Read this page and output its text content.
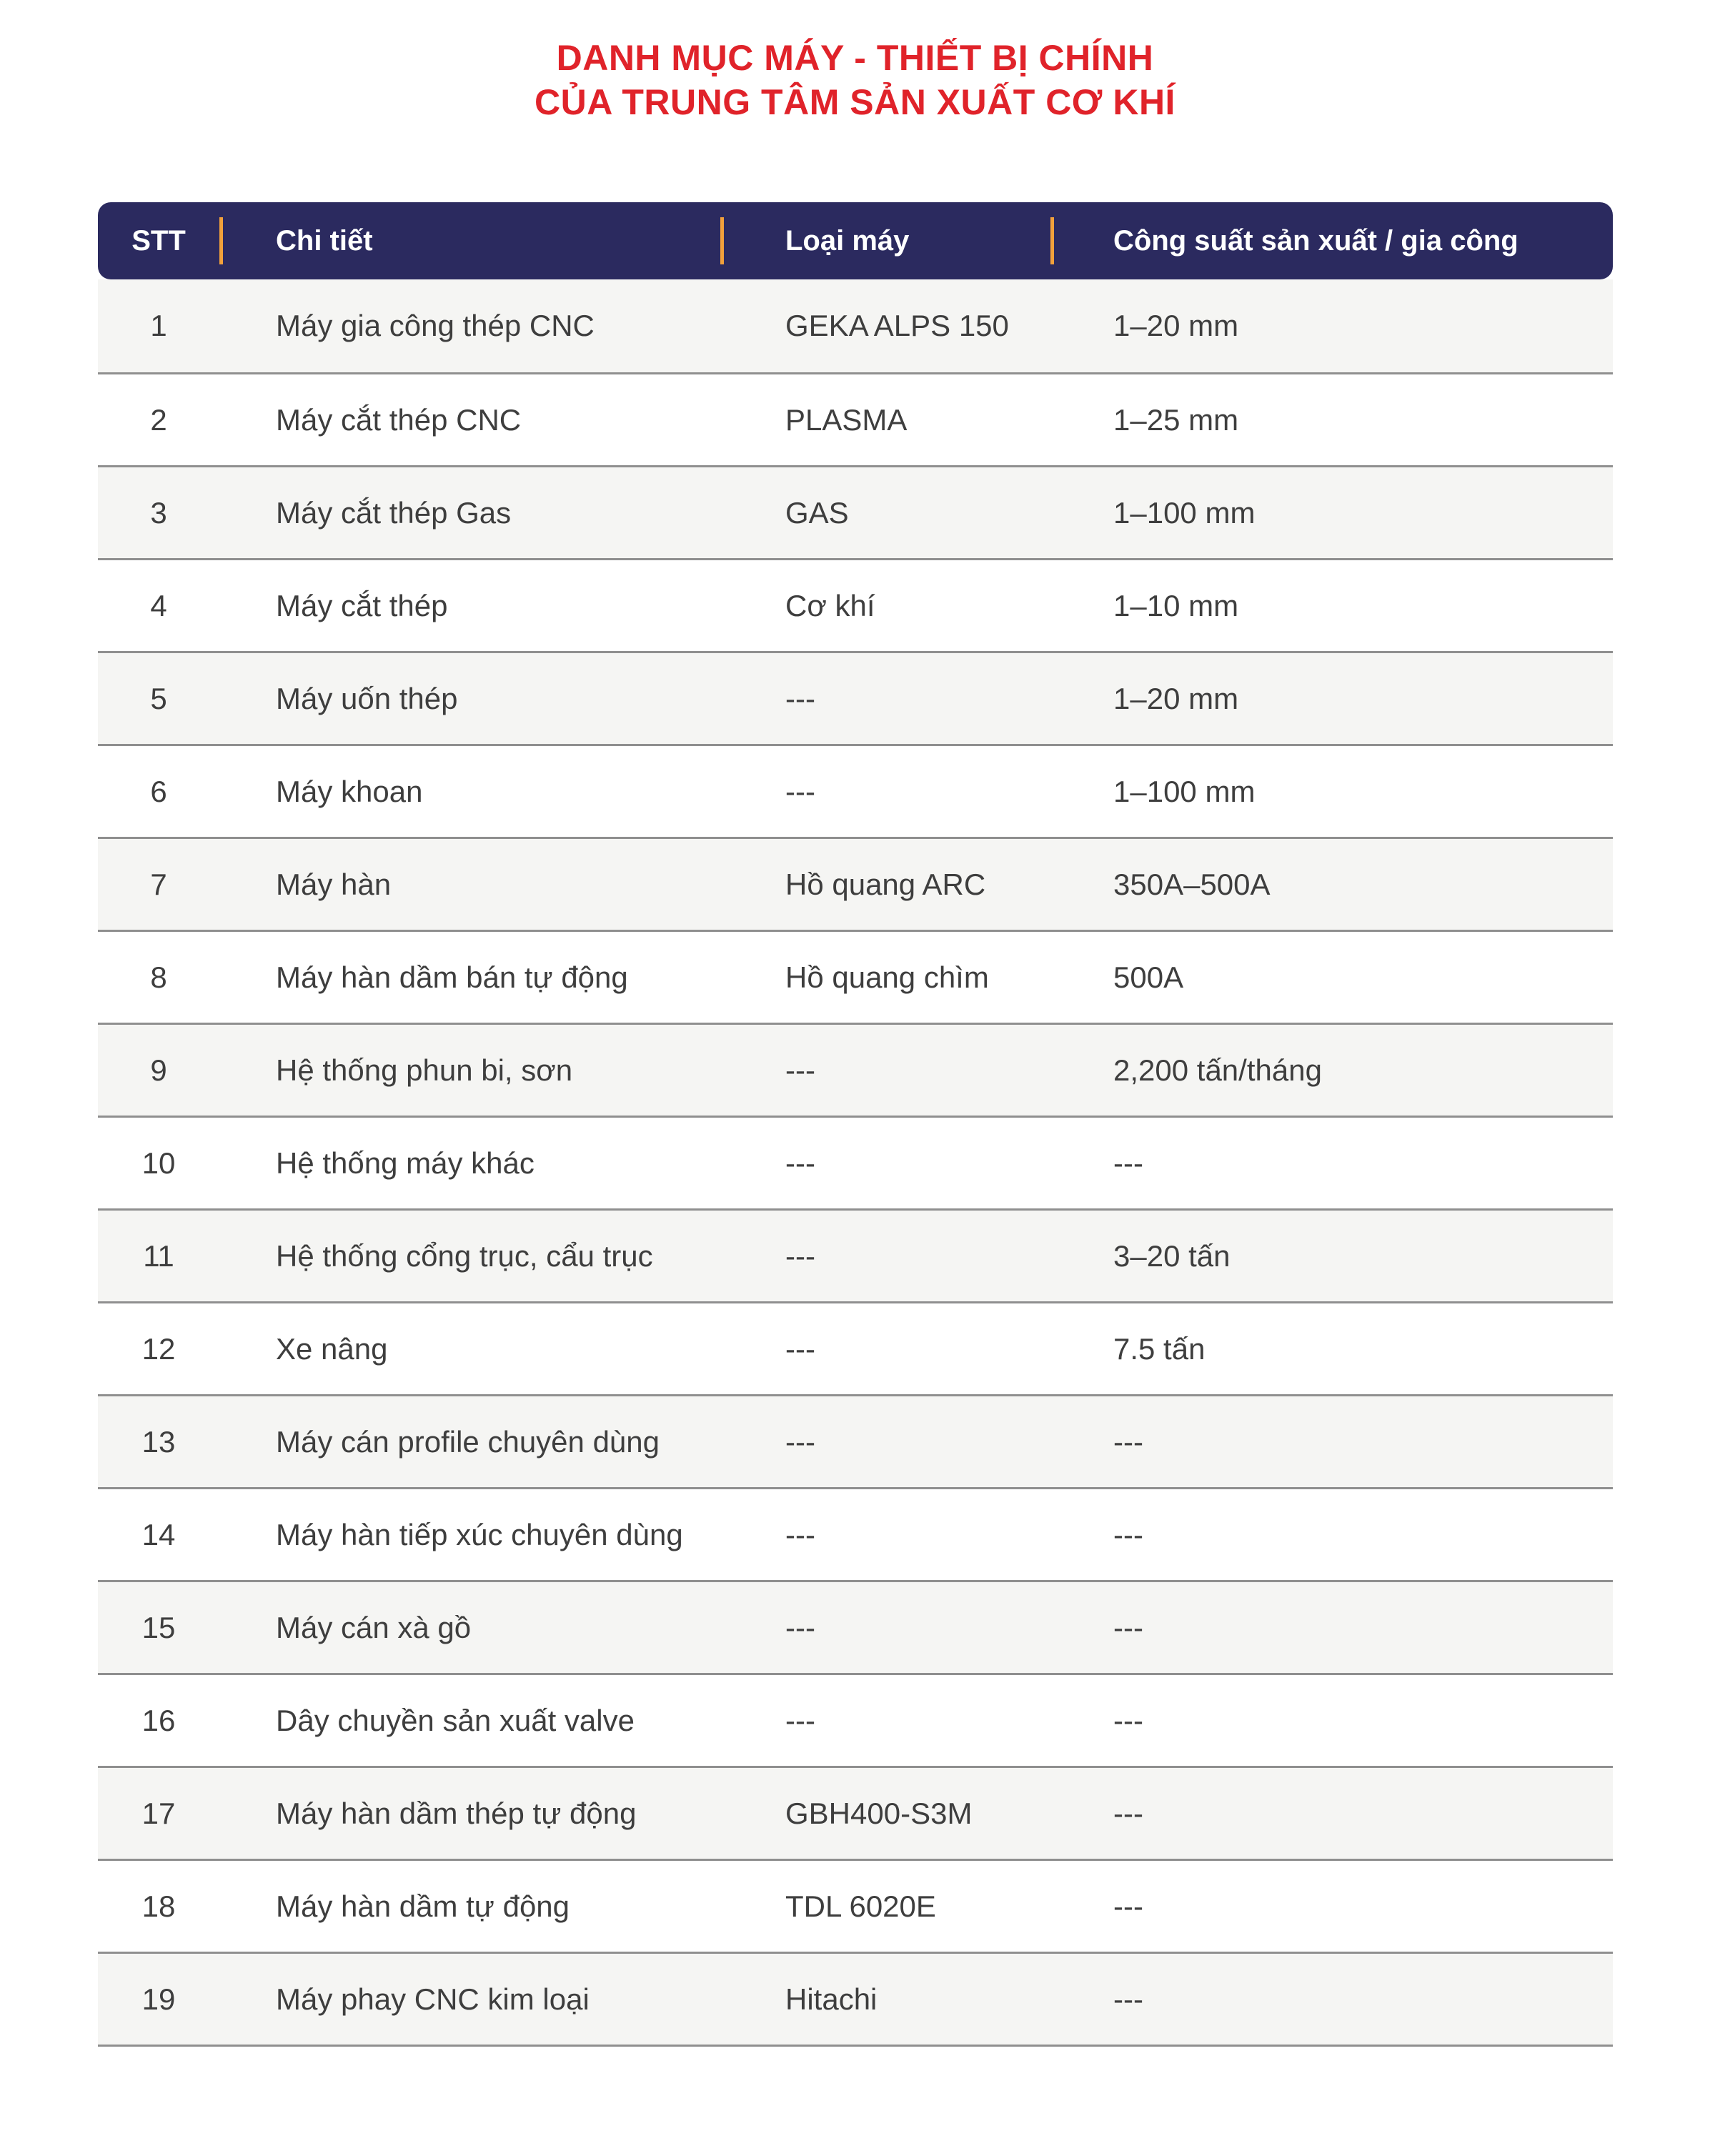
DANH MỤC MÁY - THIẾT BỊ CHÍNH
CỦA TRUNG TÂM SẢN XUẤT CƠ KHÍ
STT	Chi tiết	Loại máy	Công suất sản xuất / gia công
1	Máy gia công thép CNC	GEKA ALPS 150	1–20 mm
2	Máy cắt thép CNC	PLASMA	1–25 mm
3	Máy cắt thép Gas	GAS	1–100 mm
4	Máy cắt thép	Cơ khí	1–10 mm
5	Máy uốn thép	---	1–20 mm
6	Máy khoan	---	1–100 mm
7	Máy hàn	Hồ quang ARC	350A–500A
8	Máy hàn dầm bán tự động	Hồ quang chìm	500A
9	Hệ thống phun bi, sơn	---	2,200 tấn/tháng
10	Hệ thống máy khác	---	---
11	Hệ thống cổng trục, cẩu trục	---	3–20 tấn
12	Xe nâng	---	7.5 tấn
13	Máy cán profile chuyên dùng	---	---
14	Máy hàn tiếp xúc chuyên dùng	---	---
15	Máy cán xà gồ	---	---
16	Dây chuyền sản xuất valve	---	---
17	Máy hàn dầm thép tự động	GBH400-S3M	---
18	Máy hàn dầm tự động	TDL 6020E	---
19	Máy phay CNC kim loại	Hitachi	---
